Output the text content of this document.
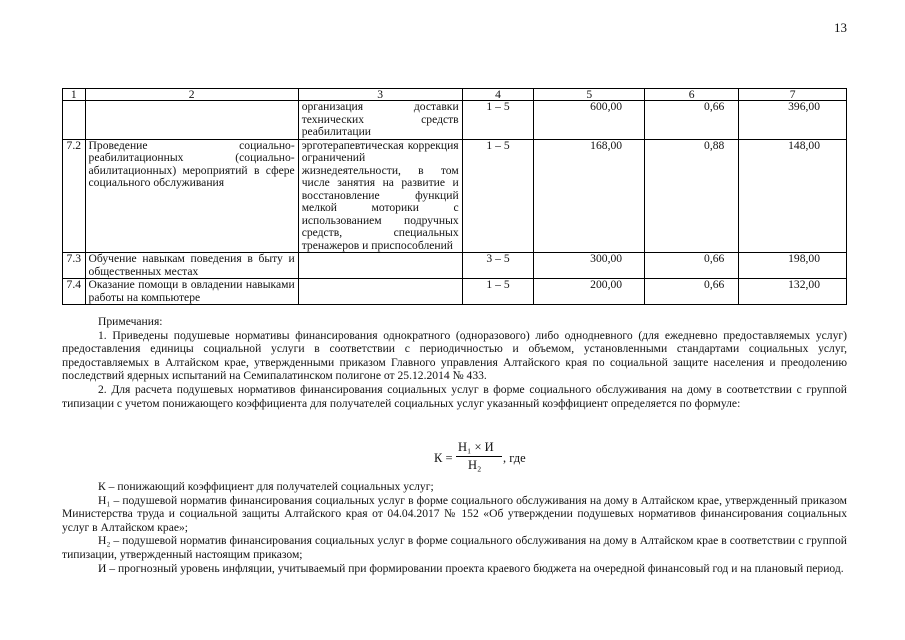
13
1	2	3	4	5	6	7
		организация доставки технических средств реабилитации	1 – 5	600,00	0,66	396,00
7.2	Проведение социально-реабилитационных (социально-абилитационных) мероприятий в сфере социального обслуживания	эрготерапевтическая коррекция ограничений жизнедеятельности, в том числе занятия на развитие и восстановление функций мелкой моторики с использованием подручных средств, специальных тренажеров и приспособлений	1 – 5	168,00	0,88	148,00
7.3	Обучение навыкам поведения в быту и общественных местах		3 – 5	300,00	0,66	198,00
7.4	Оказание помощи в овладении навыками работы на компьютере		1 – 5	200,00	0,66	132,00

Примечания:

1. Приведены подушевые нормативы финансирования однократного (одноразового) либо однодневного (для ежедневно предоставляемых услуг) предоставления единицы социальной услуги в соответствии с периодичностью и объемом, установленными стандартами социальных услуг, предоставляемых в Алтайском крае, утвержденными приказом Главного управления Алтайского края по социальной защите населения и преодолению последствий ядерных испытаний на Семипалатинском полигоне от 25.12.2014 № 433.

2. Для расчета подушевых нормативов финансирования социальных услуг в форме социального обслуживания на дому в соответствии с группой типизации с учетом понижающего коэффициента для получателей социальных услуг указанный коэффициент определяется по формуле:

К =
Н₁ × И
Н₂ , где

К – понижающий коэффициент для получателей социальных услуг;

Н₁ – подушевой норматив финансирования социальных услуг в форме социального обслуживания на дому в Алтайском крае, утвержденный приказом Министерства труда и социальной защиты Алтайского края от 04.04.2017 № 152 «Об утверждении подушевых нормативов финансирования социальных услуг в Алтайском крае»;

Н₂ – подушевой норматив финансирования социальных услуг в форме социального обслуживания на дому в Алтайском крае в соответствии с группой типизации, утвержденный настоящим приказом;

И – прогнозный уровень инфляции, учитываемый при формировании проекта краевого бюджета на очередной финансовый год и на плановый период.
